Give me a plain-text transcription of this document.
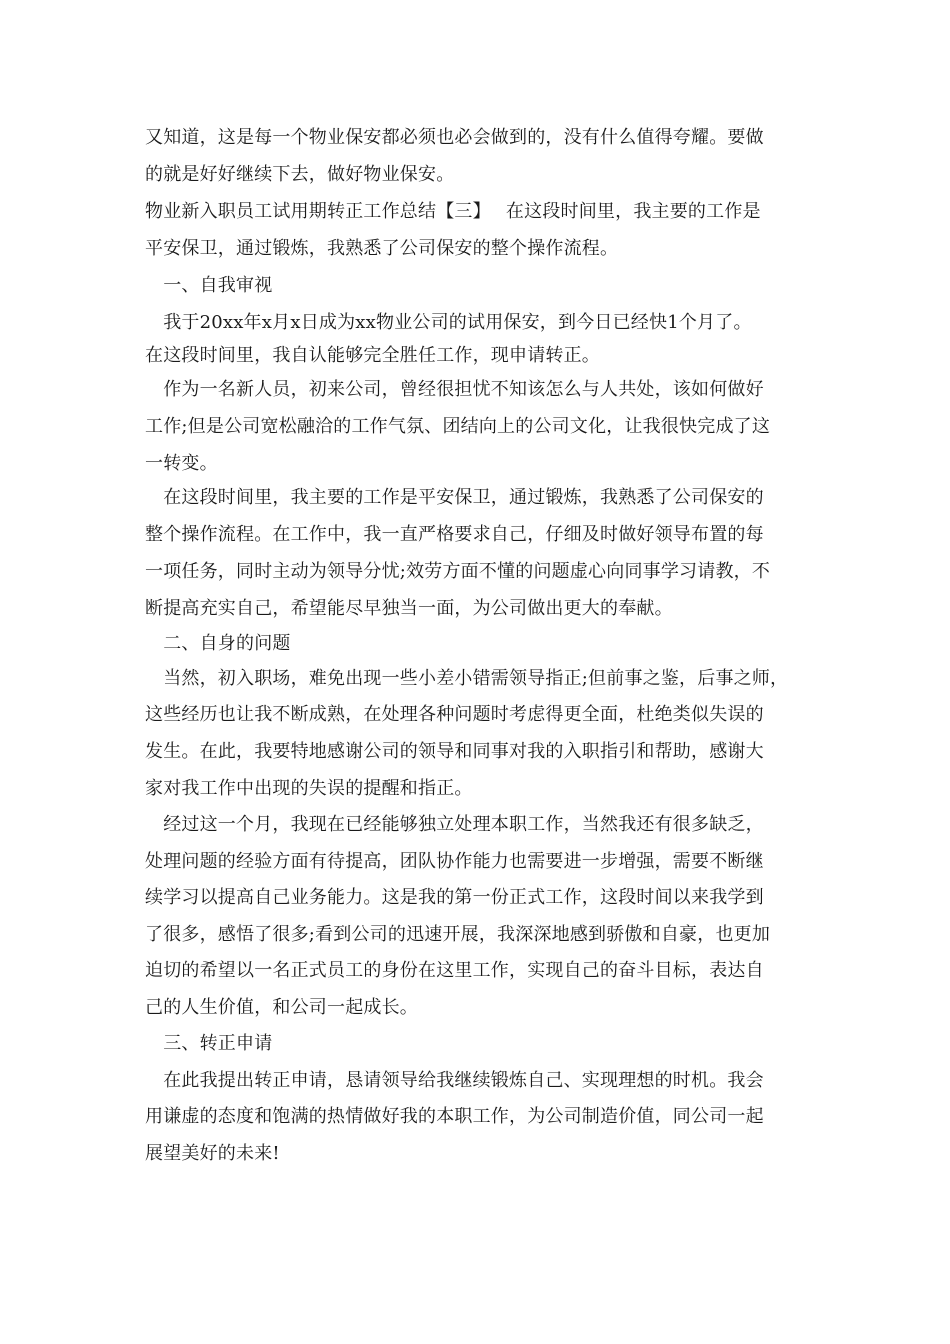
又知道，这是每一个物业保安都必须也必会做到的，没有什么值得夸耀。要做
的就是好好继续下去，做好物业保安。
物业新入职员工试用期转正工作总结【三】　 在这段时间里，我主要的工作是
平安保卫，通过锻炼，我熟悉了公司保安的整个操作流程。
　一、自我审视
　我于20xx年x月x日成为xx物业公司的试用保安，到今日已经快1个月了。
在这段时间里，我自认能够完全胜任工作，现申请转正。
　作为一名新人员，初来公司，曾经很担忧不知该怎么与人共处，该如何做好
工作;但是公司宽松融洽的工作气氛、团结向上的公司文化，让我很快完成了这
一转变。
　在这段时间里，我主要的工作是平安保卫，通过锻炼，我熟悉了公司保安的
整个操作流程。在工作中，我一直严格要求自己，仔细及时做好领导布置的每
一项任务，同时主动为领导分忧;效劳方面不懂的问题虚心向同事学习请教，不
断提高充实自己，希望能尽早独当一面，为公司做出更大的奉献。
　二、自身的问题
　当然，初入职场，难免出现一些小差小错需领导指正;但前事之鉴，后事之师，
这些经历也让我不断成熟，在处理各种问题时考虑得更全面，杜绝类似失误的
发生。在此，我要特地感谢公司的领导和同事对我的入职指引和帮助，感谢大
家对我工作中出现的失误的提醒和指正。
　经过这一个月，我现在已经能够独立处理本职工作，当然我还有很多缺乏，
处理问题的经验方面有待提高，团队协作能力也需要进一步增强，需要不断继
续学习以提高自己业务能力。这是我的第一份正式工作，这段时间以来我学到
了很多，感悟了很多;看到公司的迅速开展，我深深地感到骄傲和自豪，也更加
迫切的希望以一名正式员工的身份在这里工作，实现自己的奋斗目标，表达自
己的人生价值，和公司一起成长。
　三、转正申请
　在此我提出转正申请，恳请领导给我继续锻炼自己、实现理想的时机。我会
用谦虚的态度和饱满的热情做好我的本职工作，为公司制造价值，同公司一起
展望美好的未来!
